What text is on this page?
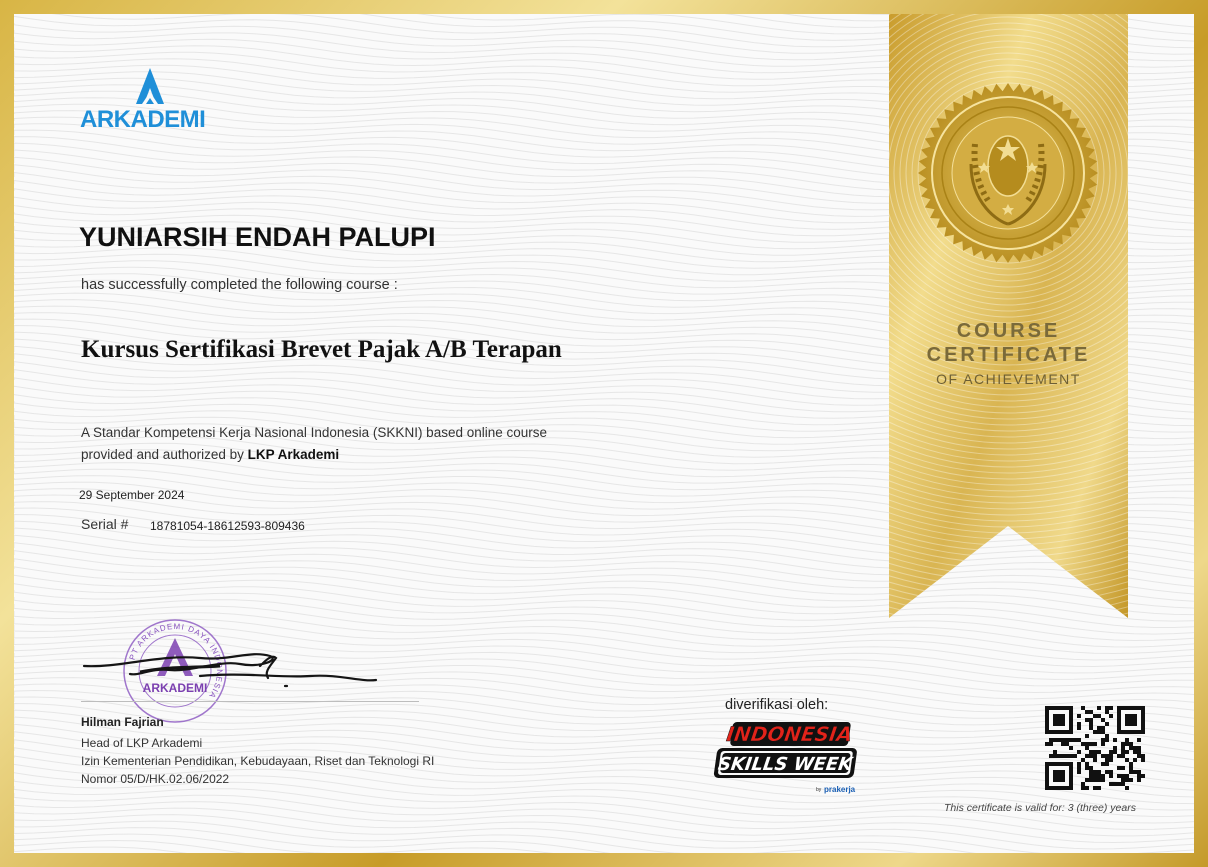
ARKADEMI
YUNIARSIH ENDAH PALUPI
has successfully completed the following course :
Kursus Sertifikasi Brevet Pajak A/B Terapan
A Standar Kompetensi Kerja Nasional Indonesia (SKKNI) based online course
provided and authorized by LKP Arkademi
29 September 2024
Serial # 18781054-18612593-809436
PT ARKADEMI DAYA INDONESIA
ARKADEMI
Hilman Fajrian
Head of LKP Arkademi
Izin Kementerian Pendidikan, Kebudayaan, Riset dan Teknologi RI
Nomor 05/D/HK.02.06/2022
COURSE
CERTIFICATE
OF ACHIEVEMENT
diverifikasi oleh:
INDONESIA
SKILLS WEEK
by prakerja
This certificate is valid for: 3 (three) years
